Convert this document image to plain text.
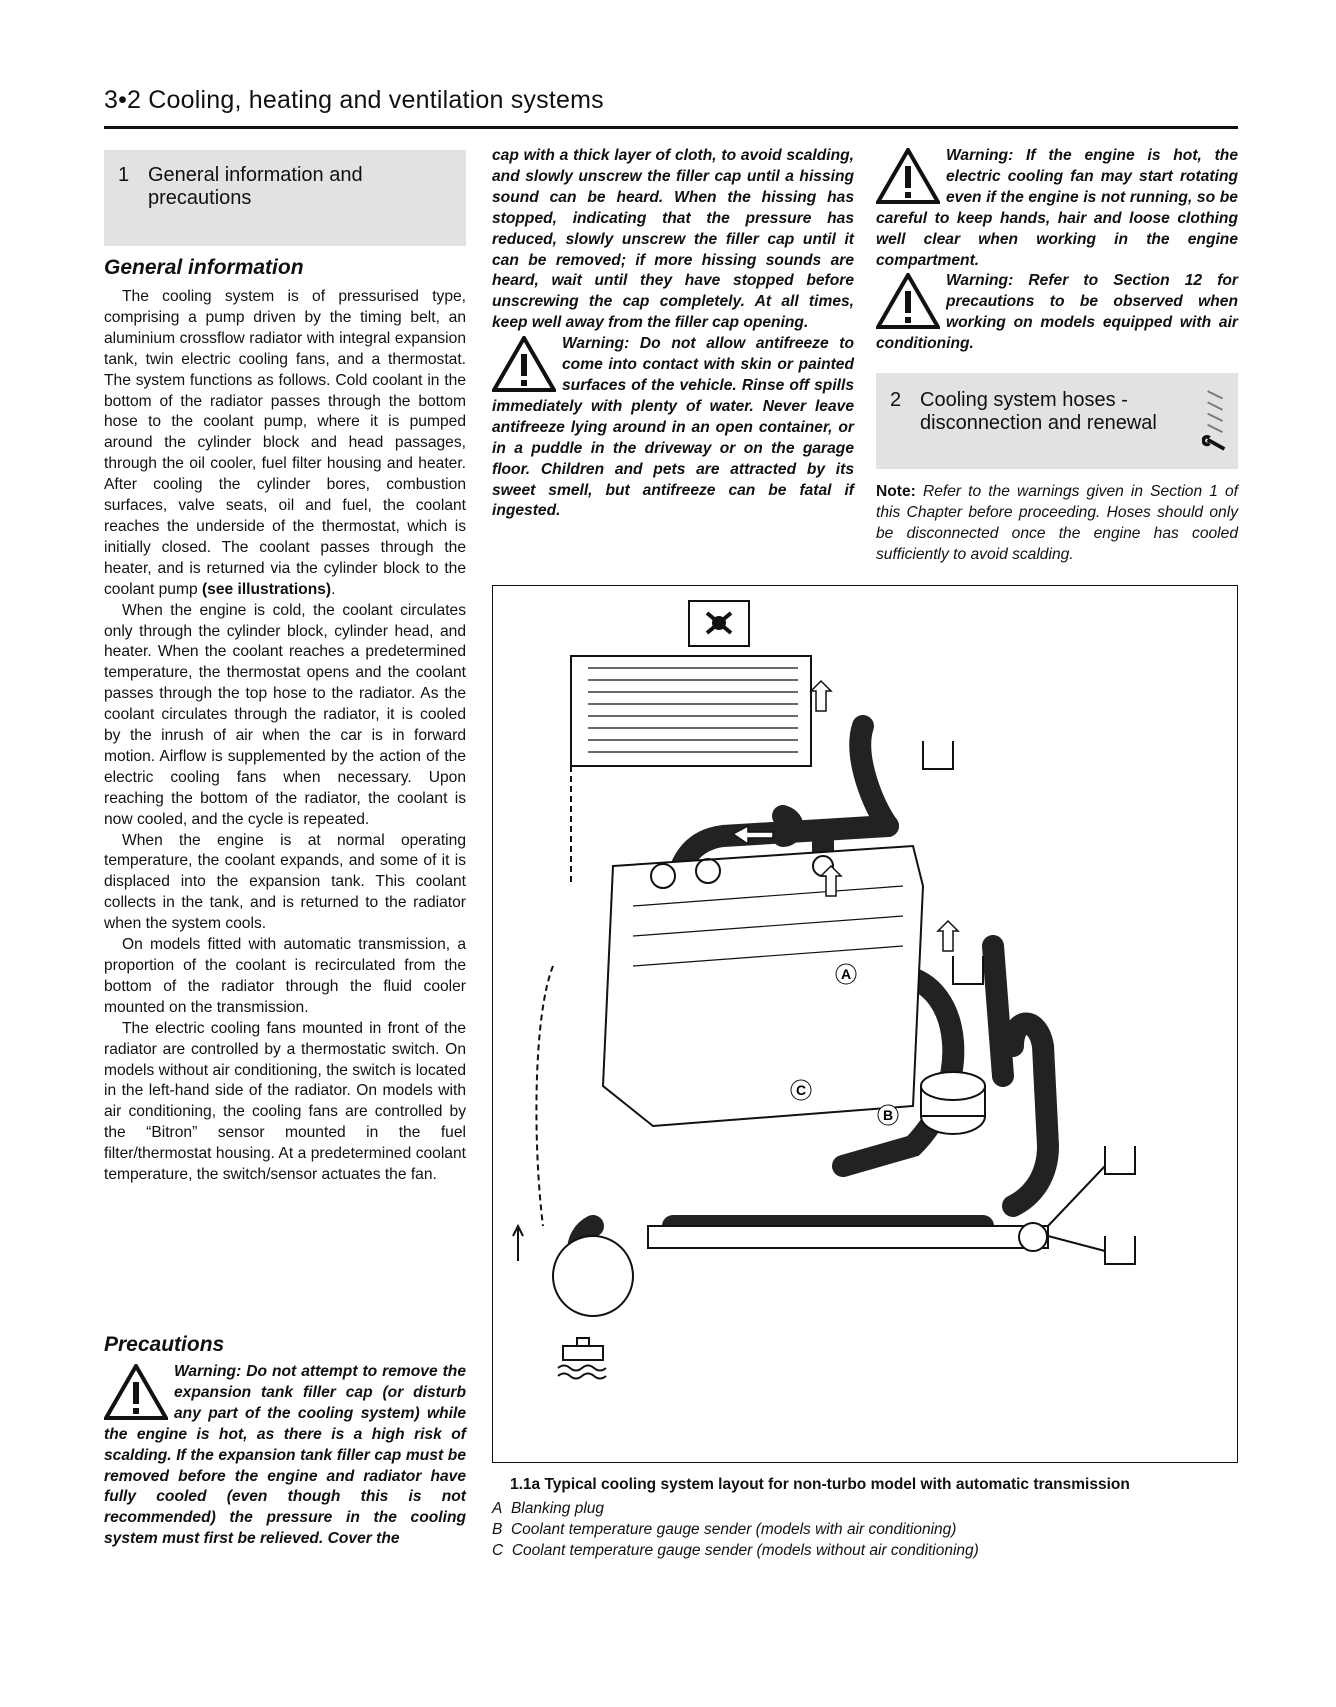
3•2 Cooling, heating and ventilation systems
1 General information and
precautions
General information

The cooling system is of pressurised type, comprising a pump driven by the timing belt, an aluminium crossflow radiator with integral expansion tank, twin electric cooling fans, and a thermostat. The system functions as follows. Cold coolant in the bottom of the radiator passes through the bottom hose to the coolant pump, where it is pumped around the cylinder block and head passages, through the oil cooler, fuel filter housing and heater. After cooling the cylinder bores, combustion surfaces, valve seats, oil and fuel, the coolant reaches the underside of the thermostat, which is initially closed. The coolant passes through the heater, and is returned via the cylinder block to the coolant pump (see illustrations).

When the engine is cold, the coolant circulates only through the cylinder block, cylinder head, and heater. When the coolant reaches a predetermined temperature, the thermostat opens and the coolant passes through the top hose to the radiator. As the coolant circulates through the radiator, it is cooled by the inrush of air when the car is in forward motion. Airflow is supplemented by the action of the electric cooling fans when necessary. Upon reaching the bottom of the radiator, the coolant is now cooled, and the cycle is repeated.

When the engine is at normal operating temperature, the coolant expands, and some of it is displaced into the expansion tank. This coolant collects in the tank, and is returned to the radiator when the system cools.

On models fitted with automatic transmission, a proportion of the coolant is recirculated from the bottom of the radiator through the fluid cooler mounted on the transmission.

The electric cooling fans mounted in front of the radiator are controlled by a thermostatic switch. On models without air conditioning, the switch is located in the left-hand side of the radiator. On models with air conditioning, the cooling fans are controlled by the “Bitron” sensor mounted in the fuel filter/thermostat housing. At a predetermined coolant temperature, the switch/sensor actuates the fan.

Precautions

Warning: Do not attempt to remove the expansion tank filler cap (or disturb any part of the cooling system) while the engine is hot, as there is a high risk of scalding. If the expansion tank filler cap must be removed before the engine and radiator have fully cooled (even though this is not recommended) the pressure in the cooling system must first be relieved. Cover the

cap with a thick layer of cloth, to avoid scalding, and slowly unscrew the filler cap until a hissing sound can be heard. When the hissing has stopped, indicating that the pressure has reduced, slowly unscrew the filler cap until it can be removed; if more hissing sounds are heard, wait until they have stopped before unscrewing the cap completely. At all times, keep well away from the filler cap opening.

Warning: Do not allow antifreeze to come into contact with skin or painted surfaces of the vehicle. Rinse off spills immediately with plenty of water. Never leave antifreeze lying around in an open container, or in a puddle in the driveway or on the garage floor. Children and pets are attracted by its sweet smell, but antifreeze can be fatal if ingested.

Warning: If the engine is hot, the electric cooling fan may start rotating even if the engine is not running, so be careful to keep hands, hair and loose clothing well clear when working in the engine compartment.

Warning: Refer to Section 12 for precautions to be observed when working on models equipped with air conditioning.

2 Cooling system hoses -
disconnection and renewal

Note: Refer to the warnings given in Section 1 of this Chapter before proceeding. Hoses should only be disconnected once the engine has cooled sufficiently to avoid scalding.

A
B
C
1.1a Typical cooling system layout for non-turbo model with automatic transmission
A Blanking plug
B Coolant temperature gauge sender (models with air conditioning)
C Coolant temperature gauge sender (models without air conditioning)
